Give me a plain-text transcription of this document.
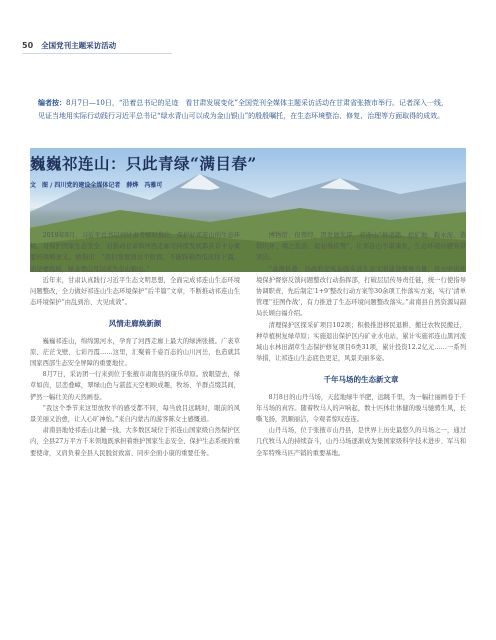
50 全国党刊主题采访活动
编者按：8月7日—10日，“沿着总书记的足迹　看甘肃发展变化”全国党刊全媒体主题采访活动在甘肃省张掖市举行。记者深入一线，见证当地用实际行动践行习近平总书记“绿水青山可以成为金山银山”的殷殷嘱托，在生态环境整治、修复、治理等方面取得的成效。
巍巍祁连山：只此青绿“满目春”
文　图 / 四川党的建设全媒体记者　薛烨　冯雅可

2019年8月，习近平总书记到甘肃考察时指出，保护好祁连山的生态环境，对保护国家生态安全、对推动甘肃和河西走廊可持续发展都具有十分重要的战略意义。他指出：“我们发展到这个阶段，不能踩着西瓜皮往下溜，而是要爬坡，绿水青山可以成为金山银山。”

近年来，甘肃认真践行习近平生态文明思想，全面完成祁连山生态环境问题整改，全力做好祁连山生态环境保护“后半篇”文章，不断推动祁连山生态环境保护“由乱到治、大见成效”。

风情走廊焕新颜

巍巍祁连山，绵绵黑河水，孕育了河西走廊上最大的绿洲张掖。广袤草原、茫茫戈壁、七彩丹霞……这里，汇聚着千姿百态的山川河岳，也造就其国家西部生态安全屏障的重要地位。

8月7日，采访团一行来到位于张掖市肃南县的康乐草原。放眼望去，绿草如茵，层峦叠嶂，翠绿山色与湛蓝天空相映成趣，牧场、羊群点缀其间，俨然一幅壮美的天然画卷。

“我这个季节来这里放牧羊的感受都不同，每当放目远眺时，眼前的风景美丽又治愈，让人心旷神怡。”来自内蒙古的游客陈女士感慨道。

肃南县地处祁连山北麓一线，大多数区域位于祁连山国家级自然保护区内，全县27万平方千米领地既承担着维护国家生态安全、保护生态系统的重要使命，又肩负着全县人民脱贫致富、同步全面小康的重要任务。

博物馆、但曾经，因发展失序，祁连山“修道路、挖矿地、载水泥、造坝坑坏、毒之惩治、起初残疾殃”，让祁连山不堪重负，生态环境问题异常突出。

“肃南县委、县政府充实加强乡县生态文明建设领导力量，设立中央环境保护督察反馈问题整改行动指挥部，打破层层传导责任链，统一行使指导协调职责，先后制定‘1+9’整改行动方案等30余项工作落实方案，实行‘清单管理’‘挂图作战’，有力推进了生态环境问题整改落实。”肃南县自然资源局副局长顾白福介绍。

清理保护区探采矿项目102项；积极推进移民退耕、搬迁农牧民搬迁，种草植树复绿草原；实施退出保护区内矿业水电站，累计实施祁连山黑河流域山水林田湖草生态保护修复项目6类31项，累计投资12.2亿元……一系列举措，让祁连山生态底色更足，风景美丽多姿。

千年马场的生态新文章

8月8日的山丹马场，天蓝地绿牛羊肥，远眺千里，为一幅壮丽画卷于千年马场的真容。随着牧马人的声响起，数十匹体壮体健的骏马驰骋生风，长嘶飞扬，凯顺丽洁，令观者惊叹连连。

山丹马场，位于张掖市山丹县，是世界上历史最悠久的马场之一，通过几代牧马人的持续奋斗，山丹马场逐渐成为集国家级科学技术进步、军马和全军特殊马匹产销的重要基地。
